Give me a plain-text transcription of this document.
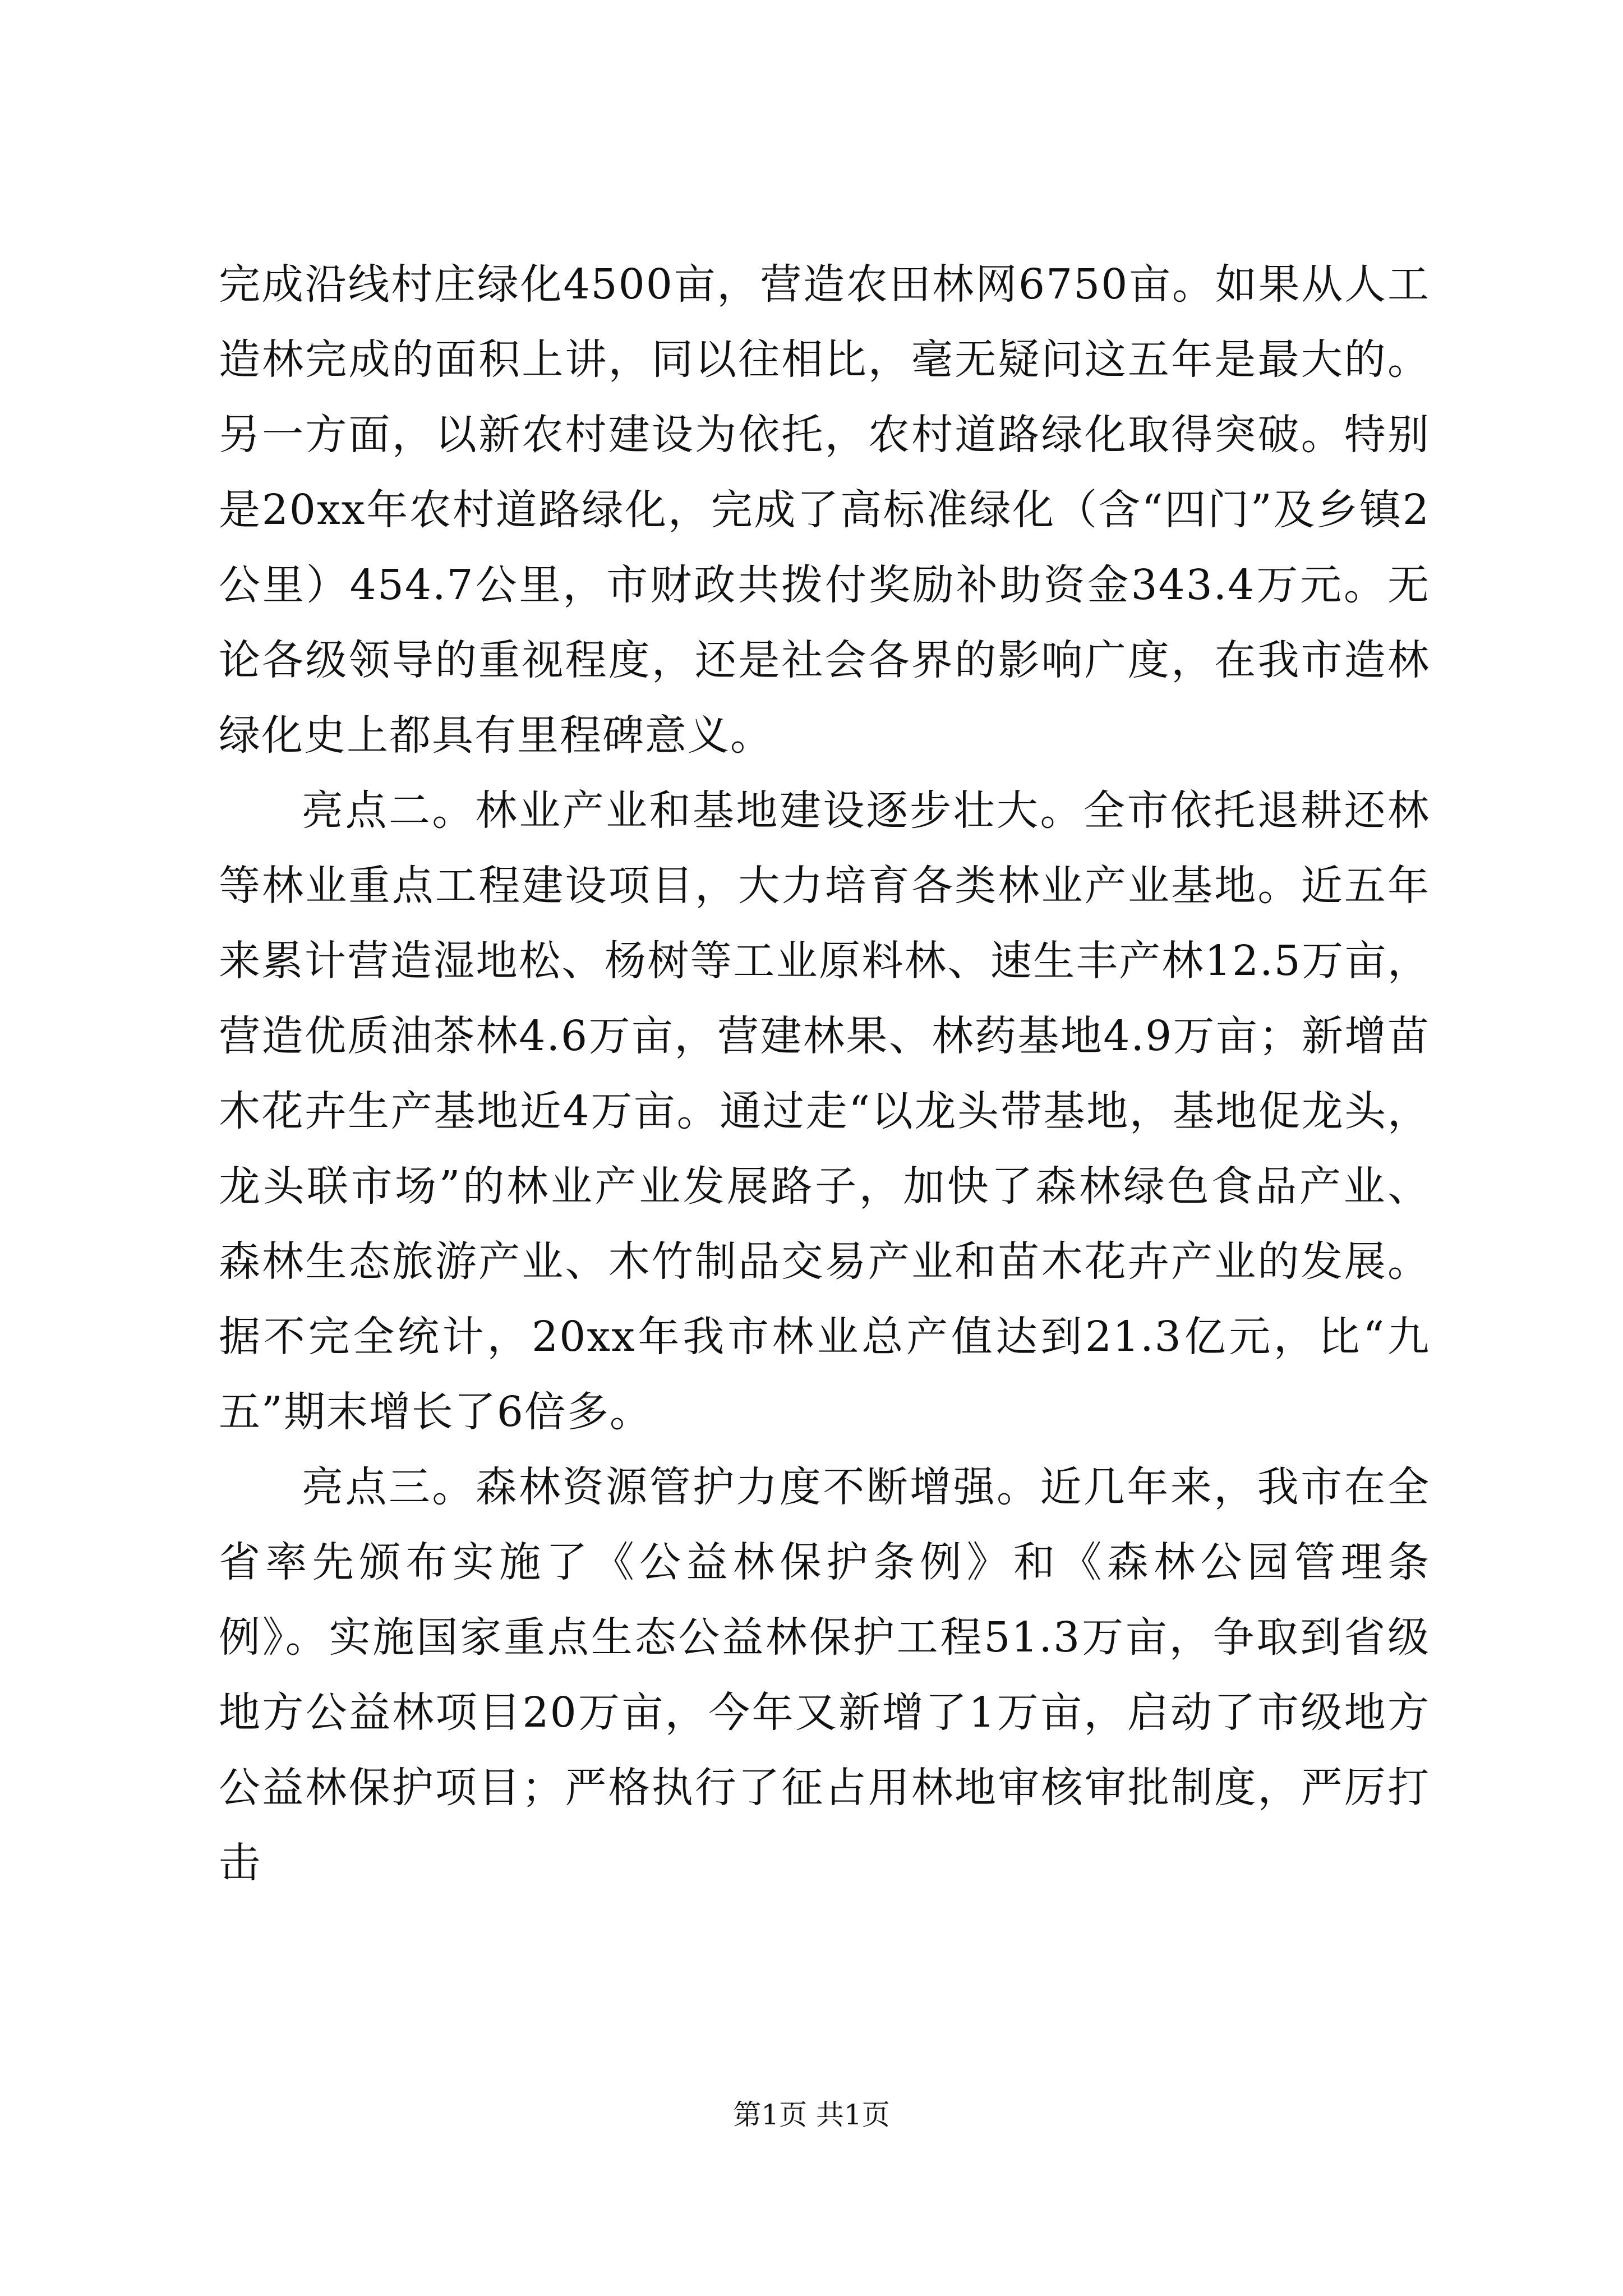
完成沿线村庄绿化4500亩，营造农田林网6750亩。如果从人工造林完成的面积上讲，同以往相比，毫无疑问这五年是最大的。另一方面，以新农村建设为依托，农村道路绿化取得突破。特别是20xx年农村道路绿化，完成了高标准绿化（含“四门”及乡镇2公里）454.7公里，市财政共拨付奖励补助资金343.4万元。无论各级领导的重视程度，还是社会各界的影响广度，在我市造林绿化史上都具有里程碑意义。

亮点二。林业产业和基地建设逐步壮大。全市依托退耕还林等林业重点工程建设项目，大力培育各类林业产业基地。近五年来累计营造湿地松、杨树等工业原料林、速生丰产林12.5万亩，营造优质油茶林4.6万亩，营建林果、林药基地4.9万亩；新增苗木花卉生产基地近4万亩。通过走“以龙头带基地，基地促龙头，龙头联市场”的林业产业发展路子，加快了森林绿色食品产业、森林生态旅游产业、木竹制品交易产业和苗木花卉产业的发展。据不完全统计，20xx年我市林业总产值达到21.3亿元，比“九五”期末增长了6倍多。

亮点三。森林资源管护力度不断增强。近几年来，我市在全省率先颁布实施了《公益林保护条例》和《森林公园管理条例》。实施国家重点生态公益林保护工程51.3万亩，争取到省级地方公益林项目20万亩，今年又新增了1万亩，启动了市级地方公益林保护项目；严格执行了征占用林地审核审批制度，严厉打击

第1页 共1页
